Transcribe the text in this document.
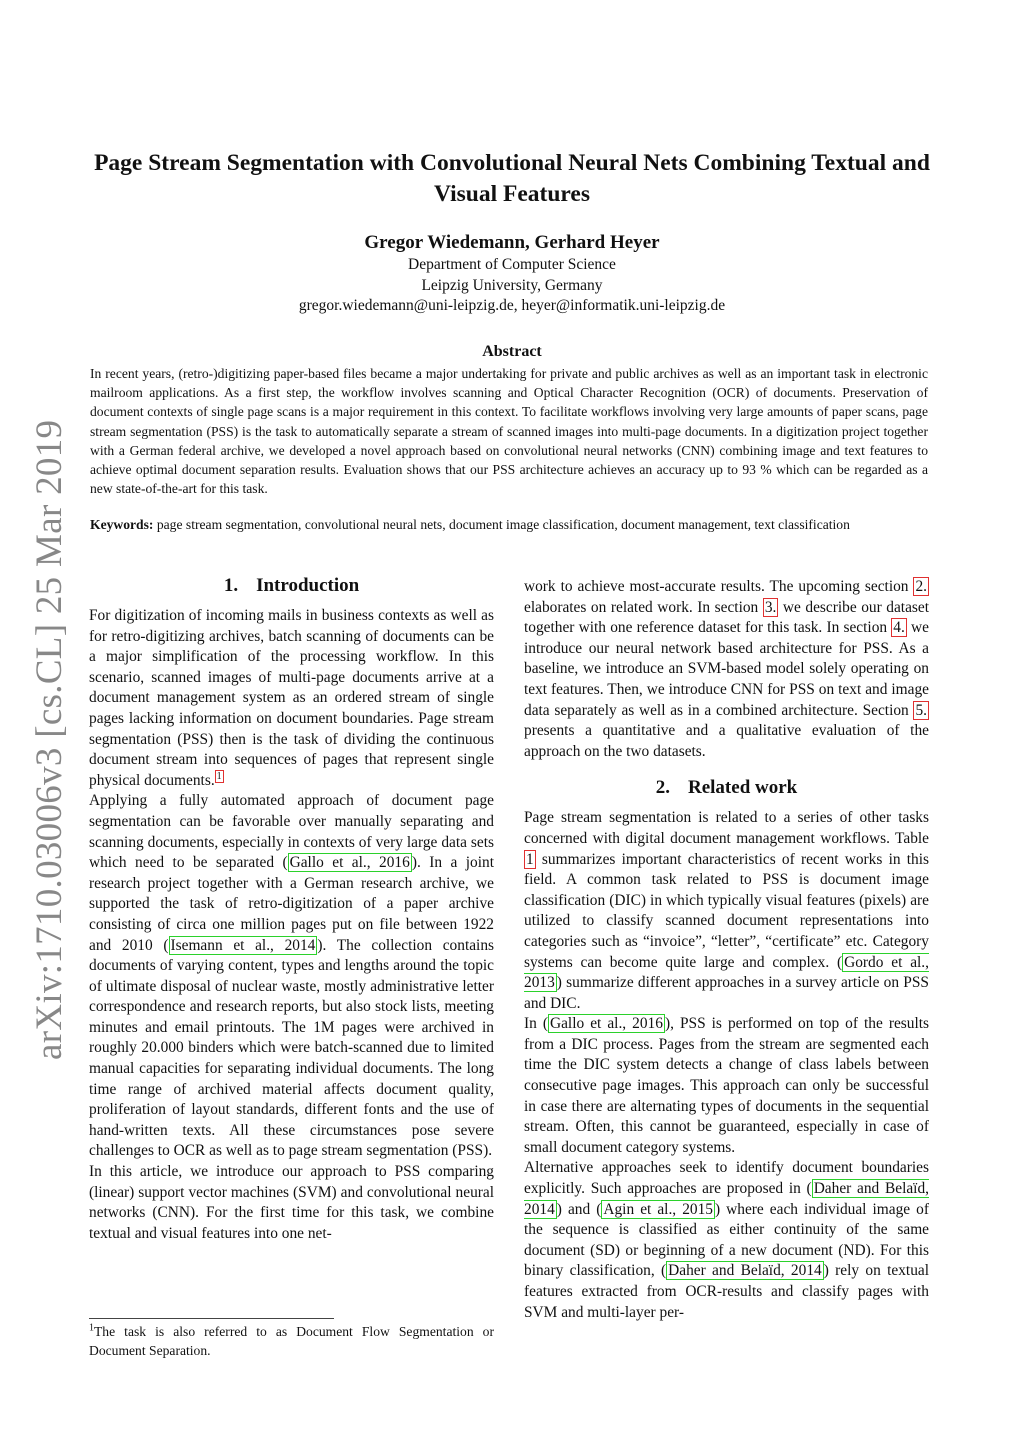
arXiv:1710.03006v3 [cs.CL] 25 Mar 2019
Page Stream Segmentation with Convolutional Neural Nets Combining Textual and Visual Features
Gregor Wiedemann, Gerhard Heyer
Department of Computer Science
Leipzig University, Germany
gregor.wiedemann@uni-leipzig.de, heyer@informatik.uni-leipzig.de
Abstract
In recent years, (retro-)digitizing paper-based files became a major undertaking for private and public archives as well as an important task in electronic mailroom applications. As a first step, the workflow involves scanning and Optical Character Recognition (OCR) of documents. Preservation of document contexts of single page scans is a major requirement in this context. To facilitate workflows involving very large amounts of paper scans, page stream segmentation (PSS) is the task to automatically separate a stream of scanned images into multi-page documents. In a digitization project together with a German federal archive, we developed a novel approach based on convolutional neural networks (CNN) combining image and text features to achieve optimal document separation results. Evaluation shows that our PSS architecture achieves an accuracy up to 93 % which can be regarded as a new state-of-the-art for this task.
Keywords: page stream segmentation, convolutional neural nets, document image classification, document management, text classification
1. Introduction

For digitization of incoming mails in business contexts as well as for retro-digitizing archives, batch scanning of documents can be a major simplification of the processing workflow. In this scenario, scanned images of multi-page documents arrive at a document management system as an ordered stream of single pages lacking information on document boundaries. Page stream segmentation (PSS) then is the task of dividing the continuous document stream into sequences of pages that represent single physical documents. $^1$

Applying a fully automated approach of document page segmentation can be favorable over manually separating and scanning documents, especially in contexts of very large data sets which need to be separated ( Gallo et al., 2016 ). In a joint research project together with a German research archive, we supported the task of retro-digitization of a paper archive consisting of circa one million pages put on file between 1922 and 2010 ( Isemann et al., 2014 ). The collection contains documents of varying content, types and lengths around the topic of ultimate disposal of nuclear waste, mostly administrative letter correspondence and research reports, but also stock lists, meeting minutes and email printouts. The 1M pages were archived in roughly 20.000 binders which were batch-scanned due to limited manual capacities for separating individual documents. The long time range of archived material affects document quality, proliferation of layout standards, different fonts and the use of hand-written texts. All these circumstances pose severe challenges to OCR as well as to page stream segmentation (PSS).

In this article, we introduce our approach to PSS comparing (linear) support vector machines (SVM) and convolutional neural networks (CNN). For the first time for this task, we combine textual and visual features into one net-

work to achieve most-accurate results. The upcoming section 2. elaborates on related work. In section 3. we describe our dataset together with one reference dataset for this task. In section 4. we introduce our neural network based architecture for PSS. As a baseline, we introduce an SVM-based model solely operating on text features. Then, we introduce CNN for PSS on text and image data separately as well as in a combined architecture. Section 5. presents a quantitative and a qualitative evaluation of the approach on the two datasets.

2. Related work

Page stream segmentation is related to a series of other tasks concerned with digital document management workflows. Table 1 summarizes important characteristics of recent works in this field. A common task related to PSS is document image classification (DIC) in which typically visual features (pixels) are utilized to classify scanned document representations into categories such as “invoice”, “letter”, “certificate” etc. Category systems can become quite large and complex. ( Gordo et al., 2013 ) summarize different approaches in a survey article on PSS and DIC.

In ( Gallo et al., 2016 ), PSS is performed on top of the results from a DIC process. Pages from the stream are segmented each time the DIC system detects a change of class labels between consecutive page images. This approach can only be successful in case there are alternating types of documents in the sequential stream. Often, this cannot be guaranteed, especially in case of small document category systems.

Alternative approaches seek to identify document boundaries explicitly. Such approaches are proposed in ( Daher and Belaïd, 2014 ) and ( Agin et al., 2015 ) where each individual image of the sequence is classified as either continuity of the same document (SD) or beginning of a new document (ND). For this binary classification, ( Daher and Belaïd, 2014 ) rely on textual features extracted from OCR-results and classify pages with SVM and multi-layer per-

$^1$The task is also referred to as Document Flow Segmentation or Document Separation.
